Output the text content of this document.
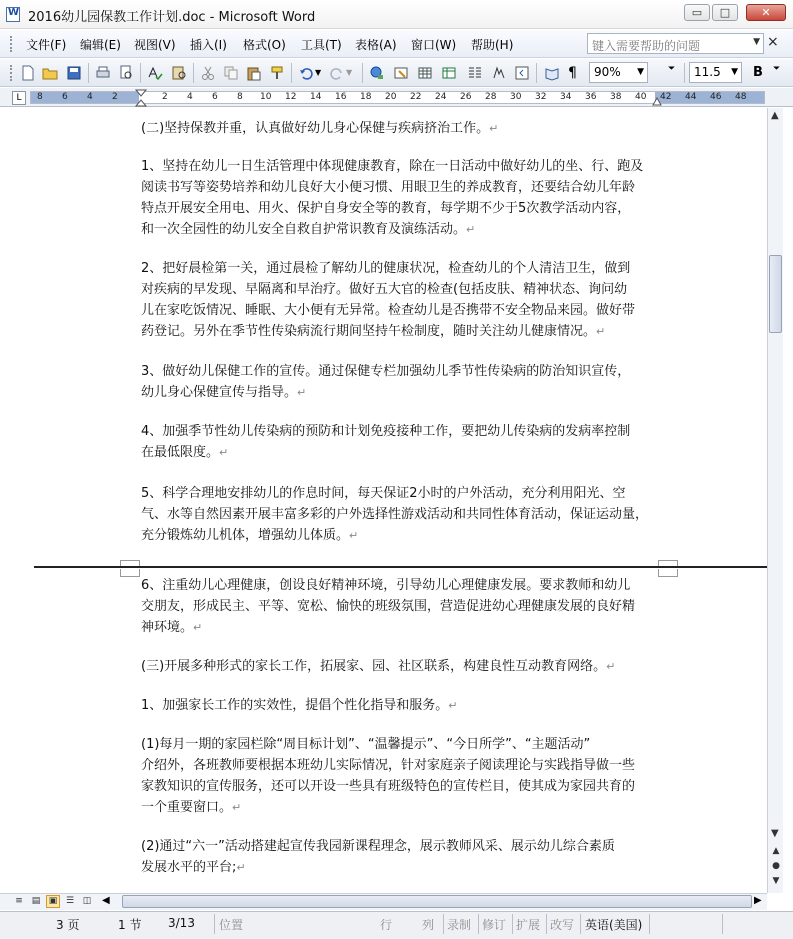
W
2016幼儿园保教工作计划.doc - Microsoft Word	▭	□	✕
文件(F) 编辑(E) 视图(V) 插入(I) 格式(O) 工具(T) 表格(A) 窗口(W) 帮助(H)	键入需要帮助的问题	▼ ×
▼	▼	¶	90% ▼	⏷	11.5 ▼ B	⏷
L	8 6 4 2	2 4 6 8 10 12 14 16 18 20 22 24 26 28 30 32 34 36 38 40 42 44 46 48
(二)坚持保教并重，认真做好幼儿身心保健与疾病挤治工作。↵
1、坚持在幼儿一日生活管理中体现健康教育，除在一日活动中做好幼儿的坐、行、跑及
阅读书写等姿势培养和幼儿良好大小便习惯、用眼卫生的养成教育，还要结合幼儿年龄
特点开展安全用电、用火、保护自身安全等的教育，每学期不少于5次教学活动内容，
和一次全园性的幼儿安全自救自护常识教育及演练活动。↵
2、把好晨检第一关，通过晨检了解幼儿的健康状况，检查幼儿的个人清洁卫生，做到
对疾病的早发现、早隔离和早治疗。做好五大官的检查(包括皮肤、精神状态、询问幼
儿在家吃饭情况、睡眠、大小便有无异常。检查幼儿是否携带不安全物品来园。做好带
药登记。另外在季节性传染病流行期间坚持午检制度，随时关注幼儿健康情况。↵
3、做好幼儿保健工作的宣传。通过保健专栏加强幼儿季节性传染病的防治知识宣传，
幼儿身心保健宣传与指导。↵
4、加强季节性幼儿传染病的预防和计划免疫接种工作，要把幼儿传染病的发病率控制
在最低限度。↵
5、科学合理地安排幼儿的作息时间，每天保证2小时的户外活动，充分利用阳光、空
气、水等自然因素开展丰富多彩的户外选择性游戏活动和共同性体育活动，保证运动量，
充分锻炼幼儿机体，增强幼儿体质。↵
6、注重幼儿心理健康，创设良好精神环境，引导幼儿心理健康发展。要求教师和幼儿
交朋友，形成民主、平等、宽松、愉快的班级氛围，营造促进幼心理健康发展的良好精
神环境。↵
(三)开展多种形式的家长工作，拓展家、园、社区联系，构建良性互动教育网络。↵
1、加强家长工作的实效性，提倡个性化指导和服务。↵
(1)每月一期的家园栏除“周目标计划”、“温馨提示”、“今日所学”、“主题活动”
介绍外，各班教师要根据本班幼儿实际情况，针对家庭亲子阅读理论与实践指导做一些
家教知识的宣传服务，还可以开设一些具有班级特色的宣传栏目，使其成为家园共育的
一个重要窗口。↵
(2)通过“六一”活动搭建起宣传我园新课程理念，展示教师风采、展示幼儿综合素质
发展水平的平台;↵
▲
▼
▲
●
▼
≡ ▤ ▣ ☰ ◫ ◀	▶
3 页	1 节 3/13 位置	行 列 录制 修订 扩展 改写 英语(美国)
